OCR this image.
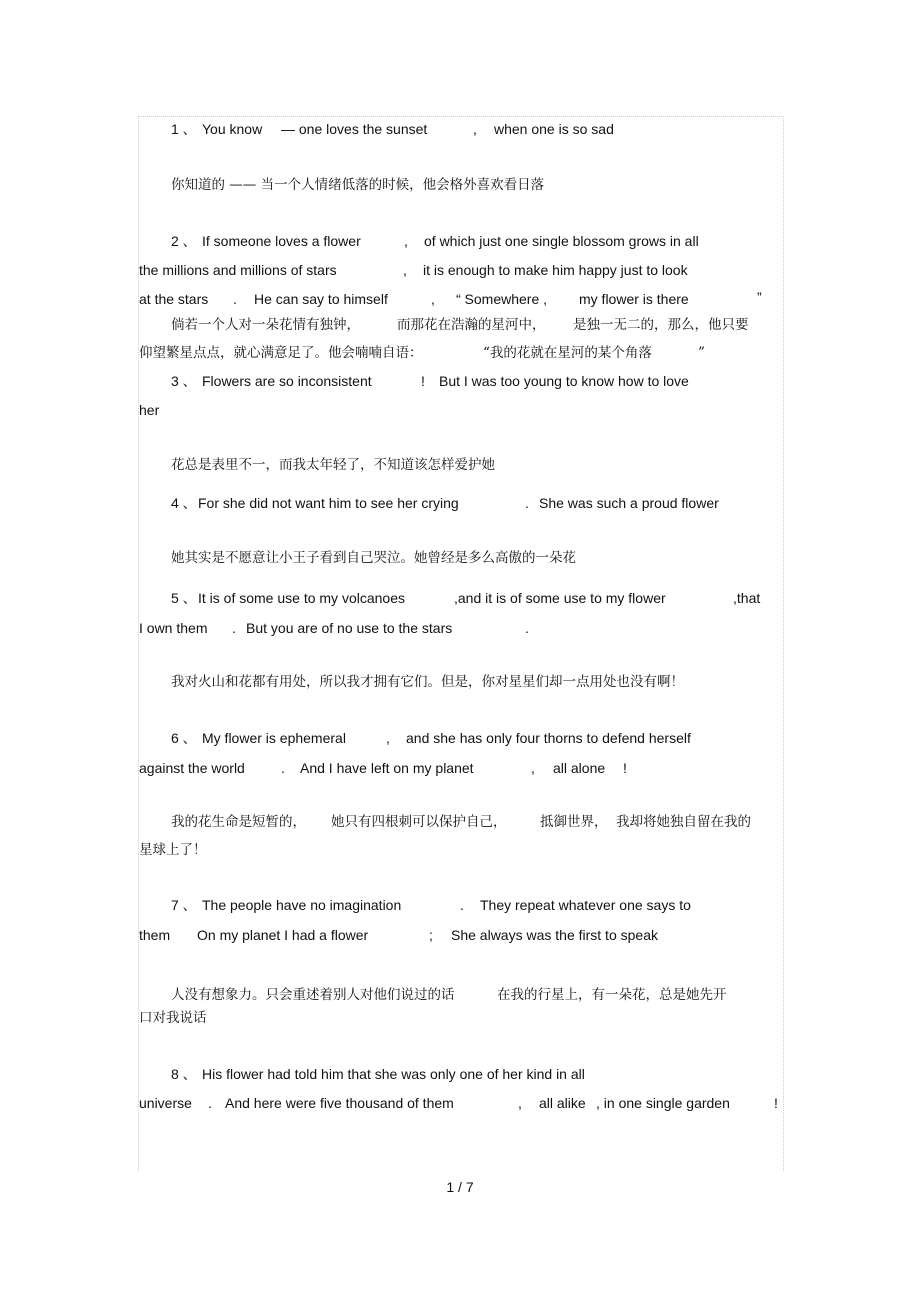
1 、 You know — one loves the sunset	, when one is so sad
你知道的 —— 当一个人情绪低落的时候，他会格外喜欢看日落
2 、 If someone loves a flower	, of which just one single blossom grows in all
the millions and millions of stars	, it is enough to make him happy just to look
at the stars . He can say to himself	, “ Somewhere , my flower is there	”
倘若一个人对一朵花情有独钟，	而那花在浩瀚的星河中， 是独一无二的，那么，他只要
仰望繁星点点，就心满意足了。他会喃喃自语：	“我的花就在星河的某个角落	”
3 、 Flowers are so inconsistent	! But I was too young to know how to love
her
花总是表里不一，而我太年轻了，不知道该怎样爱护她
4 、 For she did not want him to see her crying	. She was such a proud flower
她其实是不愿意让小王子看到自己哭泣。她曾经是多么高傲的一朵花
5 、 It is of some use to my volcanoes	,and it is of some use to my flower	,that
I own them . But you are of no use to the stars	.
我对火山和花都有用处，所以我才拥有它们。但是，你对星星们却一点用处也没有啊！
6 、 My flower is ephemeral	, and she has only four thorns to defend herself
against the world	. And I have left on my planet	, all alone !
我的花生命是短暂的， 她只有四根刺可以保护自己， 抵御世界， 我却将她独自留在我的
星球上了！
7 、 The people have no imagination	. They repeat whatever one says to
them On my planet I had a flower	; She always was the first to speak
人没有想象力。只会重述着别人对他们说过的话	在我的行星上，有一朵花，总是她先开
口对我说话
8 、 His flower had told him that she was only one of her kind in all
universe . And here were five thousand of them	, all alike , in one single garden	!
1 / 7
